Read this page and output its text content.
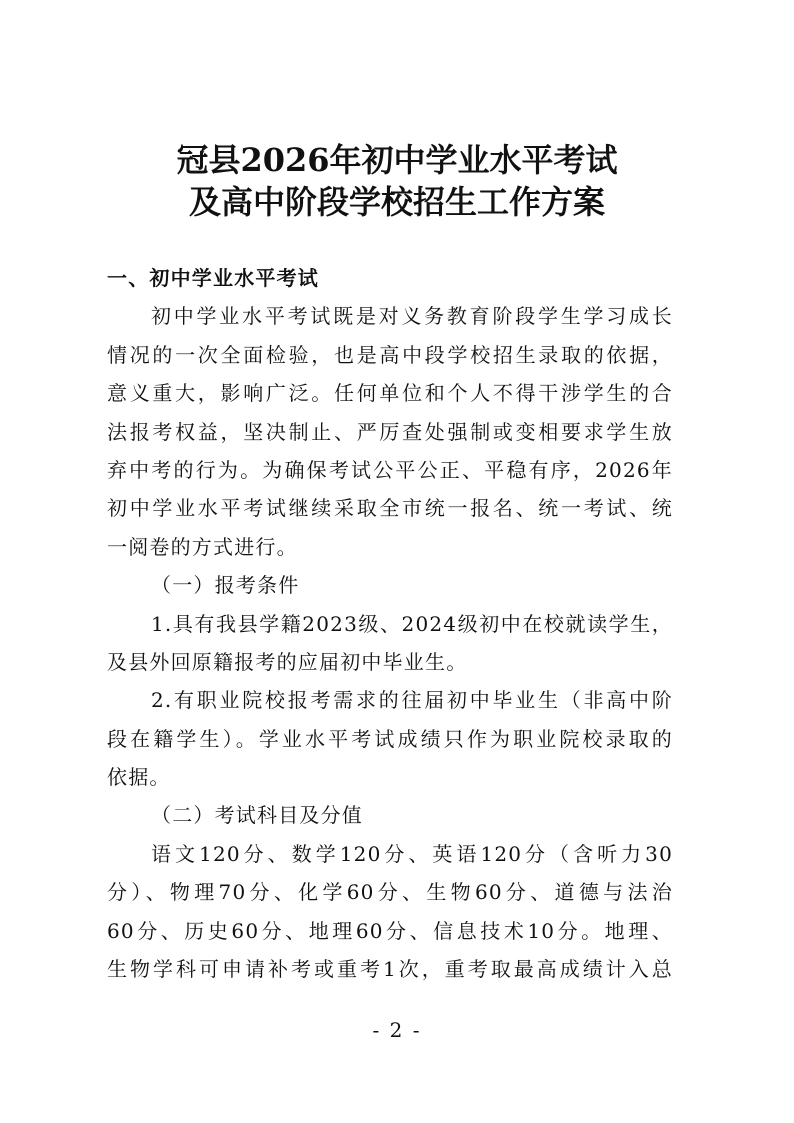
冠县2026年初中学业水平考试
及高中阶段学校招生工作方案
一、初中学业水平考试
初中学业水平考试既是对义务教育阶段学生学习成长
情况的一次全面检验，也是高中段学校招生录取的依据，
意义重大，影响广泛。任何单位和个人不得干涉学生的合
法报考权益，坚决制止、严厉查处强制或变相要求学生放
弃中考的行为。为确保考试公平公正、平稳有序，2026年
初中学业水平考试继续采取全市统一报名、统一考试、统
一阅卷的方式进行。
（一）报考条件
1.具有我县学籍2023级、2024级初中在校就读学生，
及县外回原籍报考的应届初中毕业生。
2.有职业院校报考需求的往届初中毕业生（非高中阶
段在籍学生）。学业水平考试成绩只作为职业院校录取的
依据。
（二）考试科目及分值
语文120分、数学120分、英语120分（含听力30
分）、物理70分、化学60分、生物60分、道德与法治
60分、历史60分、地理60分、信息技术10分。地理、
生物学科可申请补考或重考1次，重考取最高成绩计入总
- 2 -
